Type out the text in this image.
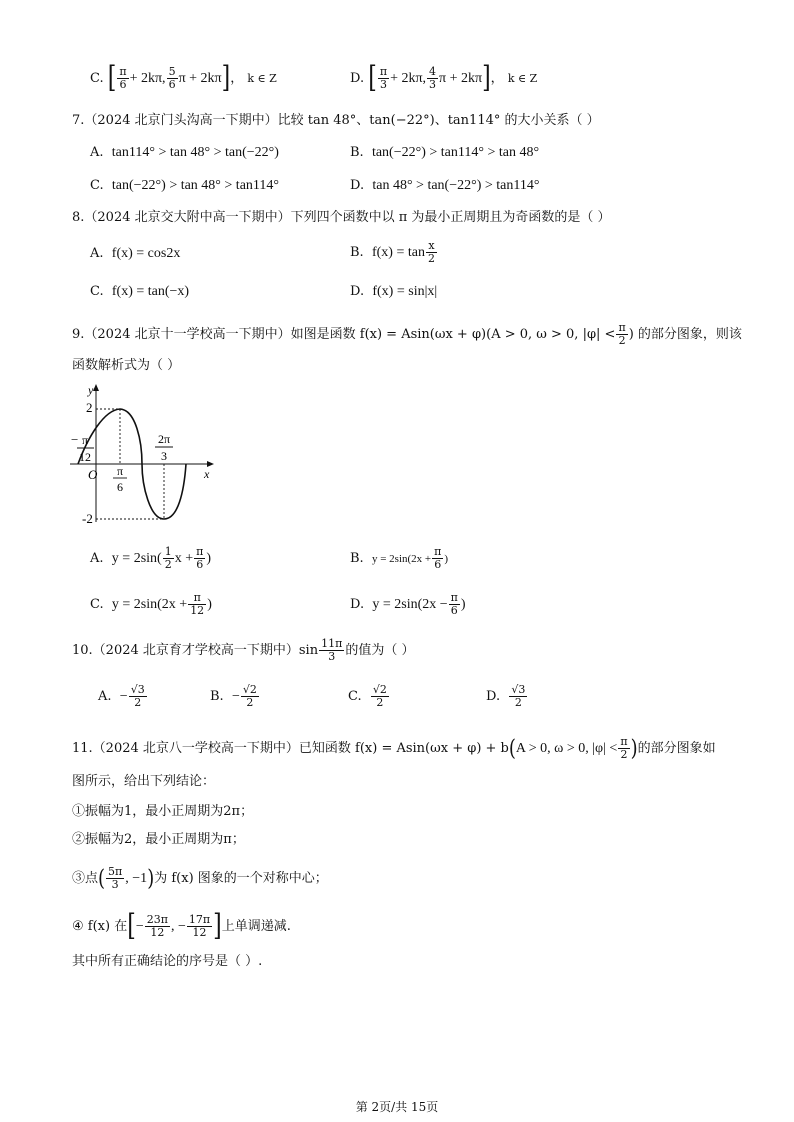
C. [ $\frac{\pi}{6} + 2k\pi$, $\frac{5}{6}$ π + 2kπ]， k ∈ Z	D. [ $\frac{\pi}{3} + 2k\pi$, $\frac{4}{3}$ π + 2kπ]， k ∈ Z
7.（2024 北京门头沟高一下期中）比较 tan 48°、tan(−22°)、tan114° 的大小关系（ ）
A. tan114° > tan 48° > tan(−22°)	B. tan(−22°) > tan114° > tan 48°
C. tan(−22°) > tan 48° > tan114°	D. tan 48° > tan(−22°) > tan114°
8.（2024 北京交大附中高一下期中）下列四个函数中以 π 为最小正周期且为奇函数的是（ ）
A. f(x) = cos2x	B. $f(x) = \tan \frac{x}{2}$
C. f(x) = tan(−x)	D. f(x) = sin|x|
9.（2024 北京十一学校高一下期中）如图是函数 f(x) = Asin(ωx + φ)(A > 0, ω > 0, $|\varphi| < \frac{\pi}{2}$ ) 的部分图象，则该
函数解析式为（ ）
y
x
2
-2
O
− π
12
π
6
2π
3
A. $y = 2\sin( \frac{1}{2}$ $x + \frac{\pi}{6}$ )	B. $y = 2\sin(2x + \frac{\pi}{6}$ )
C. $y = 2\sin(2x + \frac{\pi}{12}$ )	D. $y = 2\sin(2x - \frac{\pi}{6}$ )
10.（2024 北京育才学校高一下期中）$\sin \frac{11\pi}{3}$ 的值为（ ）
A. − $\frac{√3}{2}$	B. − $\frac{√2}{2}$	C. $\frac{√2}{2}$	D. $\frac{√3}{2}$
11.（2024 北京八一学校高一下期中）已知函数 f(x) = Asin(ωx + φ) + b(A > 0, ω > 0, $|\varphi| < \frac{\pi}{2}$ )的部分图象如
图所示，给出下列结论：
①振幅为1，最小正周期为2π；
②振幅为2，最小正周期为π；
③点( $\frac{5\pi}{3}$ , −1)为 f(x) 图象的一个对称中心；
④ f(x) 在[− $\frac{23\pi}{12}$ , − $\frac{17\pi}{12}$ ]上单调递减.
其中所有正确结论的序号是（ ）.
第 2页/共 15页
